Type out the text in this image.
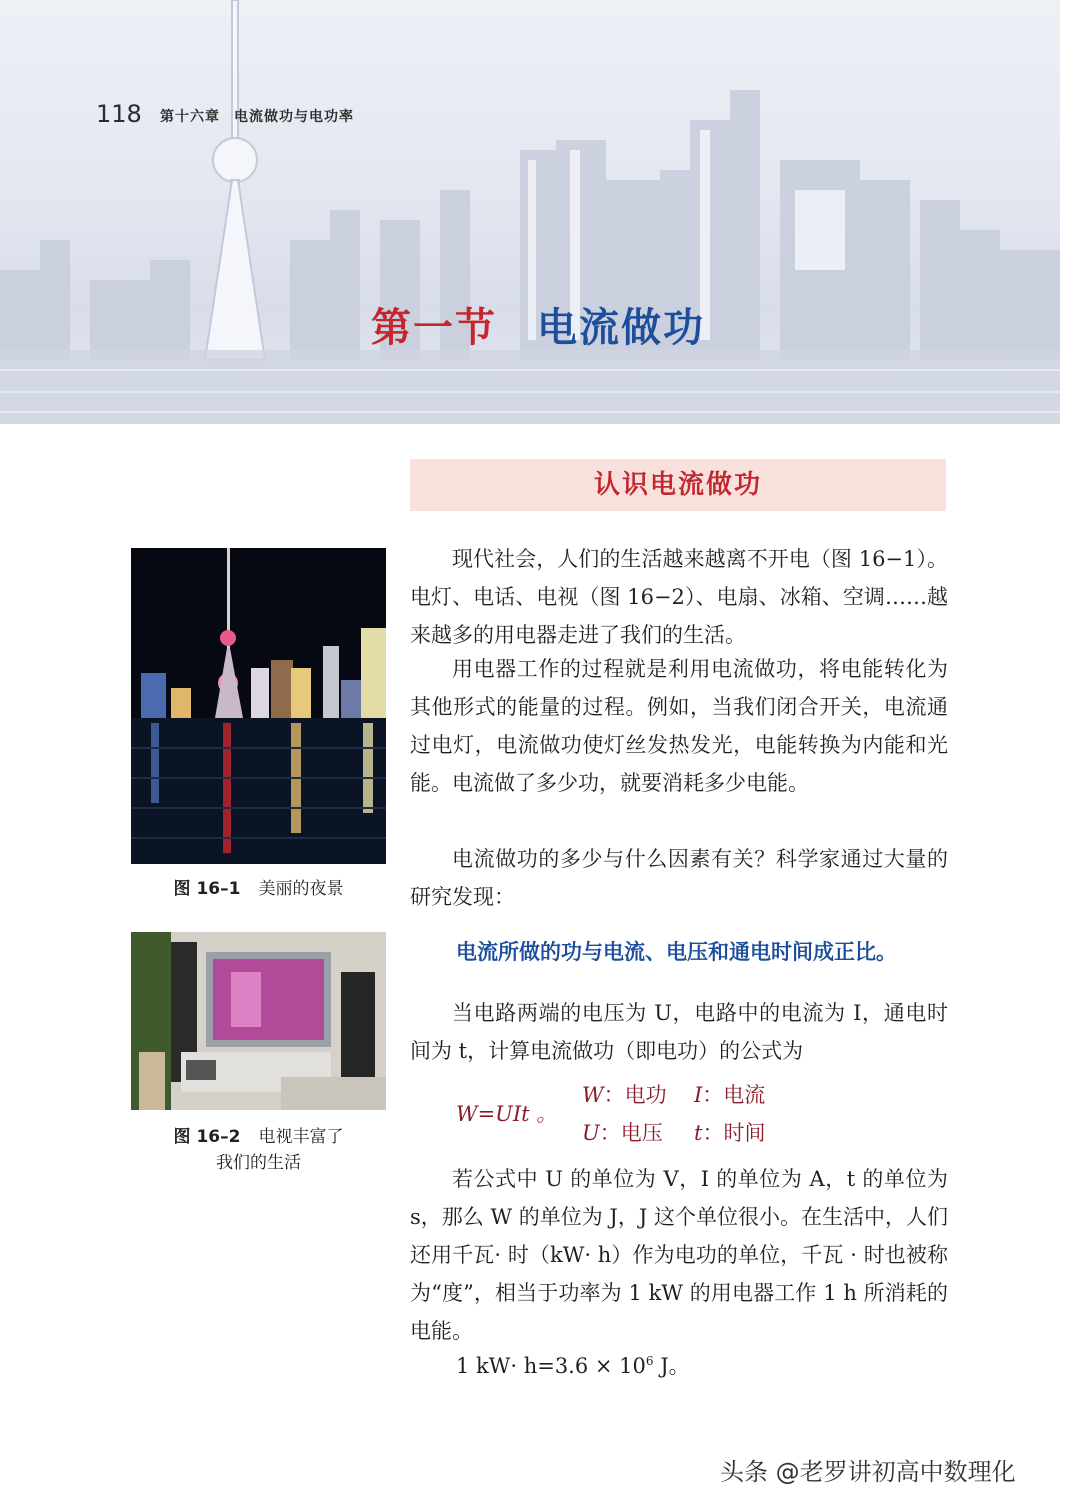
118 第十六章 电流做功与电功率
第一节 电流做功
认识电流做功
图 16–1 美丽的夜景
图 16–2 电视丰富了
我们的生活

现代社会，人们的生活越来越离不开电（图 16−1）。电灯、电话、电视（图 16−2）、电扇、冰箱、空调……越来越多的用电器走进了我们的生活。

用电器工作的过程就是利用电流做功，将电能转化为其他形式的能量的过程。例如，当我们闭合开关，电流通过电灯，电流做功使灯丝发热发光，电能转换为内能和光能。电流做了多少功，就要消耗多少电能。

电流做功的多少与什么因素有关？科学家通过大量的研究发现：

电流所做的功与电流、电压和通电时间成正比。

当电路两端的电压为 U，电路中的电流为 I，通电时间为 t，计算电流做功（即电功）的公式为

W=UIt 。
W：电功 I：电流
U：电压 t：时间

若公式中 U 的单位为 V，I 的单位为 A，t 的单位为 s，那么 W 的单位为 J，J 这个单位很小。在生活中，人们还用千瓦· 时（kW· h）作为电功的单位，千瓦 · 时也被称为“度”，相当于功率为 1 kW 的用电器工作 1 h 所消耗的电能。

1 $kW\cdot h=3.6 \times 10^6$ J。
头条 @老罗讲初高中数理化
